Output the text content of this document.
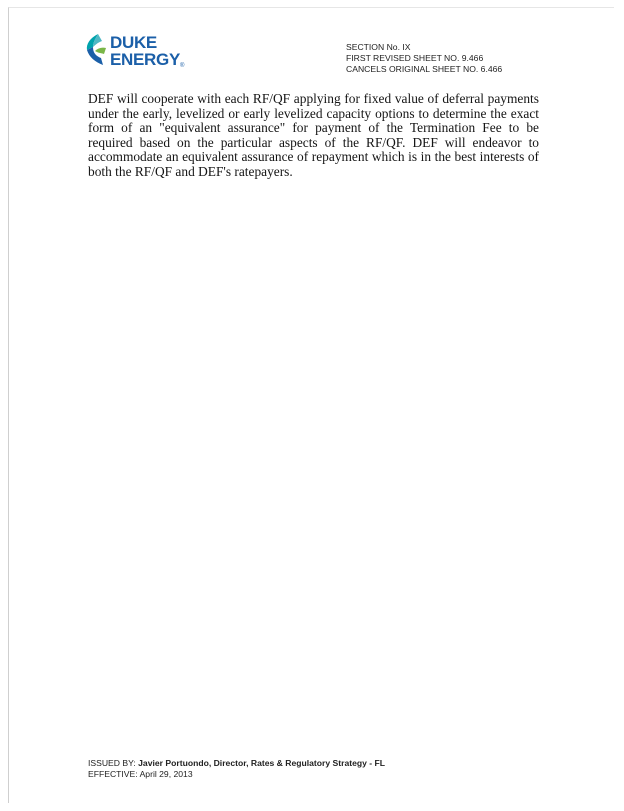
DUKE
ENERGY ®
SECTION No. IX
FIRST REVISED SHEET NO. 9.466
CANCELS ORIGINAL SHEET NO. 6.466
DEF will cooperate with each RF/QF applying for fixed value of deferral payments under the early, levelized or early levelized capacity options to determine the exact form of an "equivalent assurance" for payment of the Termination Fee to be required based on the particular aspects of the RF/QF. DEF will endeavor to accommodate an equivalent assurance of repayment which is in the best interests of both the RF/QF and DEF's ratepayers.
ISSUED BY: Javier Portuondo, Director, Rates & Regulatory Strategy - FL
EFFECTIVE: April 29, 2013
